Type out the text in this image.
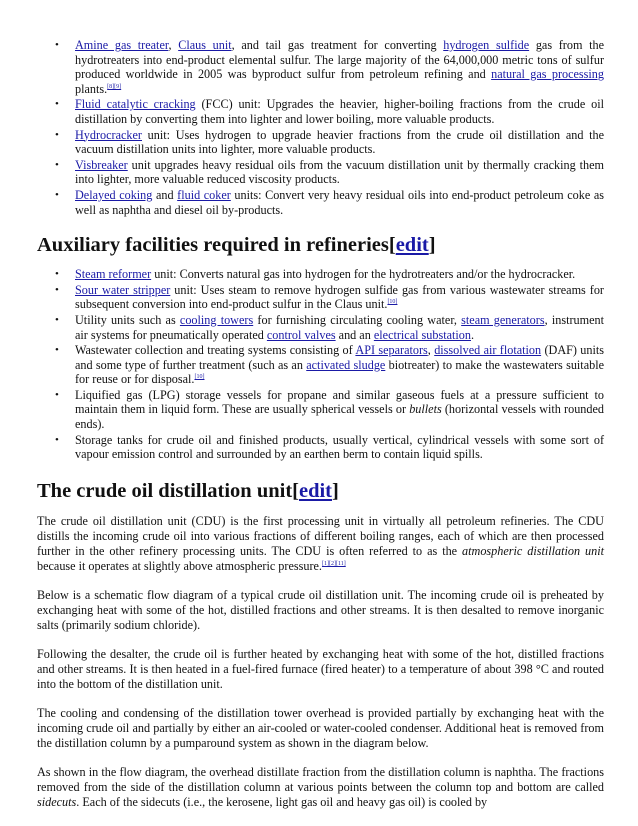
• Amine gas treater, Claus unit, and tail gas treatment for converting hydrogen sulfide gas from the hydrotreaters into end-product elemental sulfur. The large majority of the 64,000,000 metric tons of sulfur produced worldwide in 2005 was byproduct sulfur from petroleum refining and natural gas processing plants.[8][9]
• Fluid catalytic cracking (FCC) unit: Upgrades the heavier, higher-boiling fractions from the crude oil distillation by converting them into lighter and lower boiling, more valuable products.
• Hydrocracker unit: Uses hydrogen to upgrade heavier fractions from the crude oil distillation and the vacuum distillation units into lighter, more valuable products.
• Visbreaker unit upgrades heavy residual oils from the vacuum distillation unit by thermally cracking them into lighter, more valuable reduced viscosity products.
• Delayed coking and fluid coker units: Convert very heavy residual oils into end-product petroleum coke as well as naphtha and diesel oil by-products.
Auxiliary facilities required in refineries[edit]
• Steam reformer unit: Converts natural gas into hydrogen for the hydrotreaters and/or the hydrocracker.
• Sour water stripper unit: Uses steam to remove hydrogen sulfide gas from various wastewater streams for subsequent conversion into end-product sulfur in the Claus unit.[10]
• Utility units such as cooling towers for furnishing circulating cooling water, steam generators, instrument air systems for pneumatically operated control valves and an electrical substation.
• Wastewater collection and treating systems consisting of API separators, dissolved air flotation (DAF) units and some type of further treatment (such as an activated sludge biotreater) to make the wastewaters suitable for reuse or for disposal.[10]
• Liquified gas (LPG) storage vessels for propane and similar gaseous fuels at a pressure sufficient to maintain them in liquid form. These are usually spherical vessels or bullets (horizontal vessels with rounded ends).
• Storage tanks for crude oil and finished products, usually vertical, cylindrical vessels with some sort of vapour emission control and surrounded by an earthen berm to contain liquid spills.
The crude oil distillation unit[edit]

The crude oil distillation unit (CDU) is the first processing unit in virtually all petroleum refineries. The CDU distills the incoming crude oil into various fractions of different boiling ranges, each of which are then processed further in the other refinery processing units. The CDU is often referred to as the atmospheric distillation unit because it operates at slightly above atmospheric pressure.[1][2][11]

Below is a schematic flow diagram of a typical crude oil distillation unit. The incoming crude oil is preheated by exchanging heat with some of the hot, distilled fractions and other streams. It is then desalted to remove inorganic salts (primarily sodium chloride).

Following the desalter, the crude oil is further heated by exchanging heat with some of the hot, distilled fractions and other streams. It is then heated in a fuel-fired furnace (fired heater) to a temperature of about 398 °C and routed into the bottom of the distillation unit.

The cooling and condensing of the distillation tower overhead is provided partially by exchanging heat with the incoming crude oil and partially by either an air-cooled or water-cooled condenser. Additional heat is removed from the distillation column by a pumparound system as shown in the diagram below.

As shown in the flow diagram, the overhead distillate fraction from the distillation column is naphtha. The fractions removed from the side of the distillation column at various points between the column top and bottom are called sidecuts. Each of the sidecuts (i.e., the kerosene, light gas oil and heavy gas oil) is cooled by
